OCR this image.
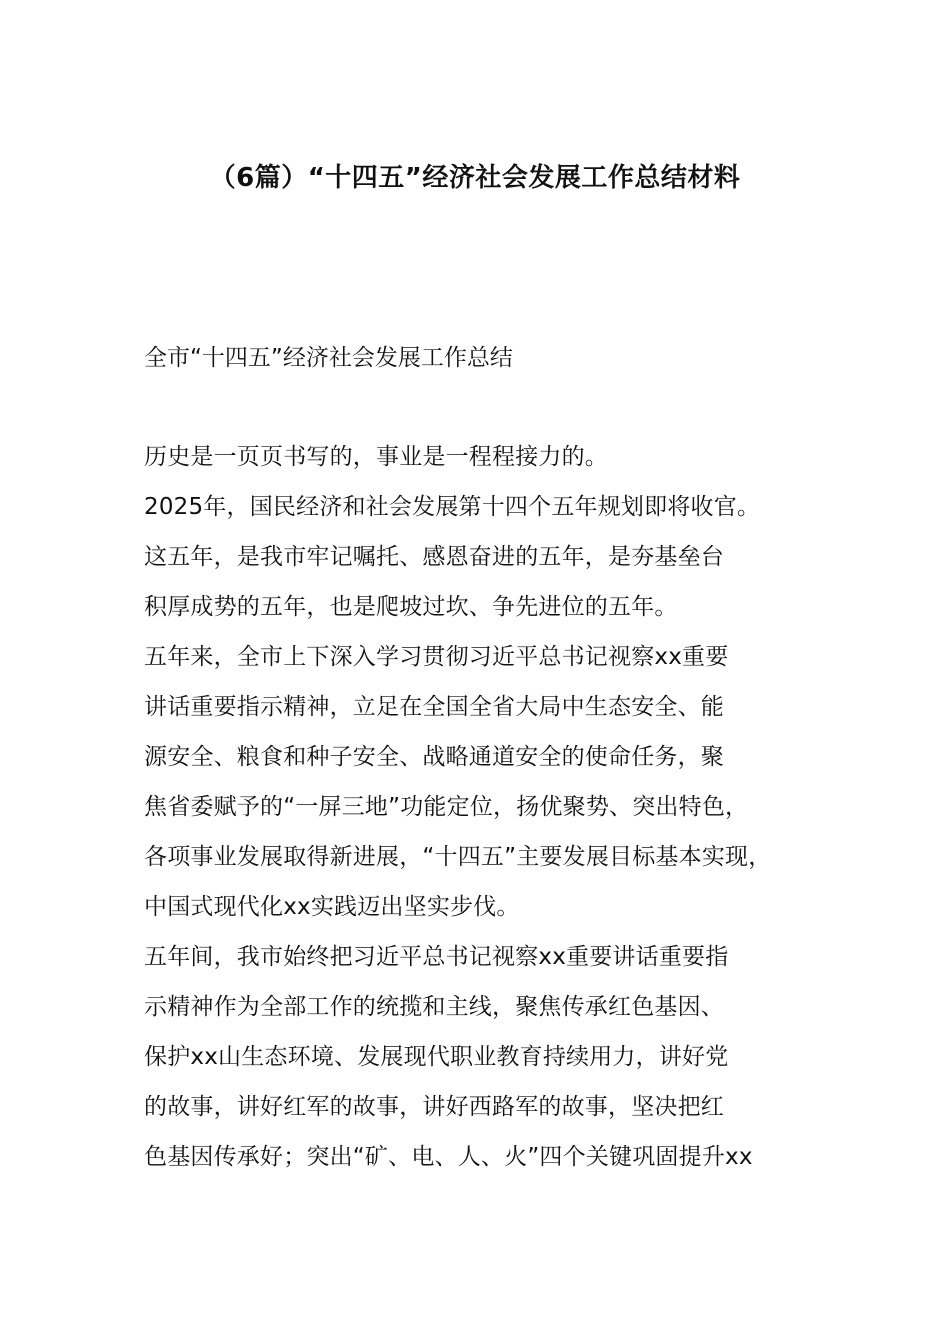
（6篇）“十四五”经济社会发展工作总结材料

全市“十四五”经济社会发展工作总结

历史是一页页书写的，事业是一程程接力的。

2025年，国民经济和社会发展第十四个五年规划即将收官。

这五年，是我市牢记嘱托、感恩奋进的五年，是夯基垒台

积厚成势的五年，也是爬坡过坎、争先进位的五年。

五年来，全市上下深入学习贯彻习近平总书记视察xx重要

讲话重要指示精神，立足在全国全省大局中生态安全、能

源安全、粮食和种子安全、战略通道安全的使命任务，聚

焦省委赋予的“一屏三地”功能定位，扬优聚势、突出特色，

各项事业发展取得新进展，“十四五”主要发展目标基本实现，

中国式现代化xx实践迈出坚实步伐。

五年间，我市始终把习近平总书记视察xx重要讲话重要指

示精神作为全部工作的统揽和主线，聚焦传承红色基因、

保护xx山生态环境、发展现代职业教育持续用力，讲好党

的故事，讲好红军的故事，讲好西路军的故事，坚决把红

色基因传承好；突出“矿、电、人、火”四个关键巩固提升xx
